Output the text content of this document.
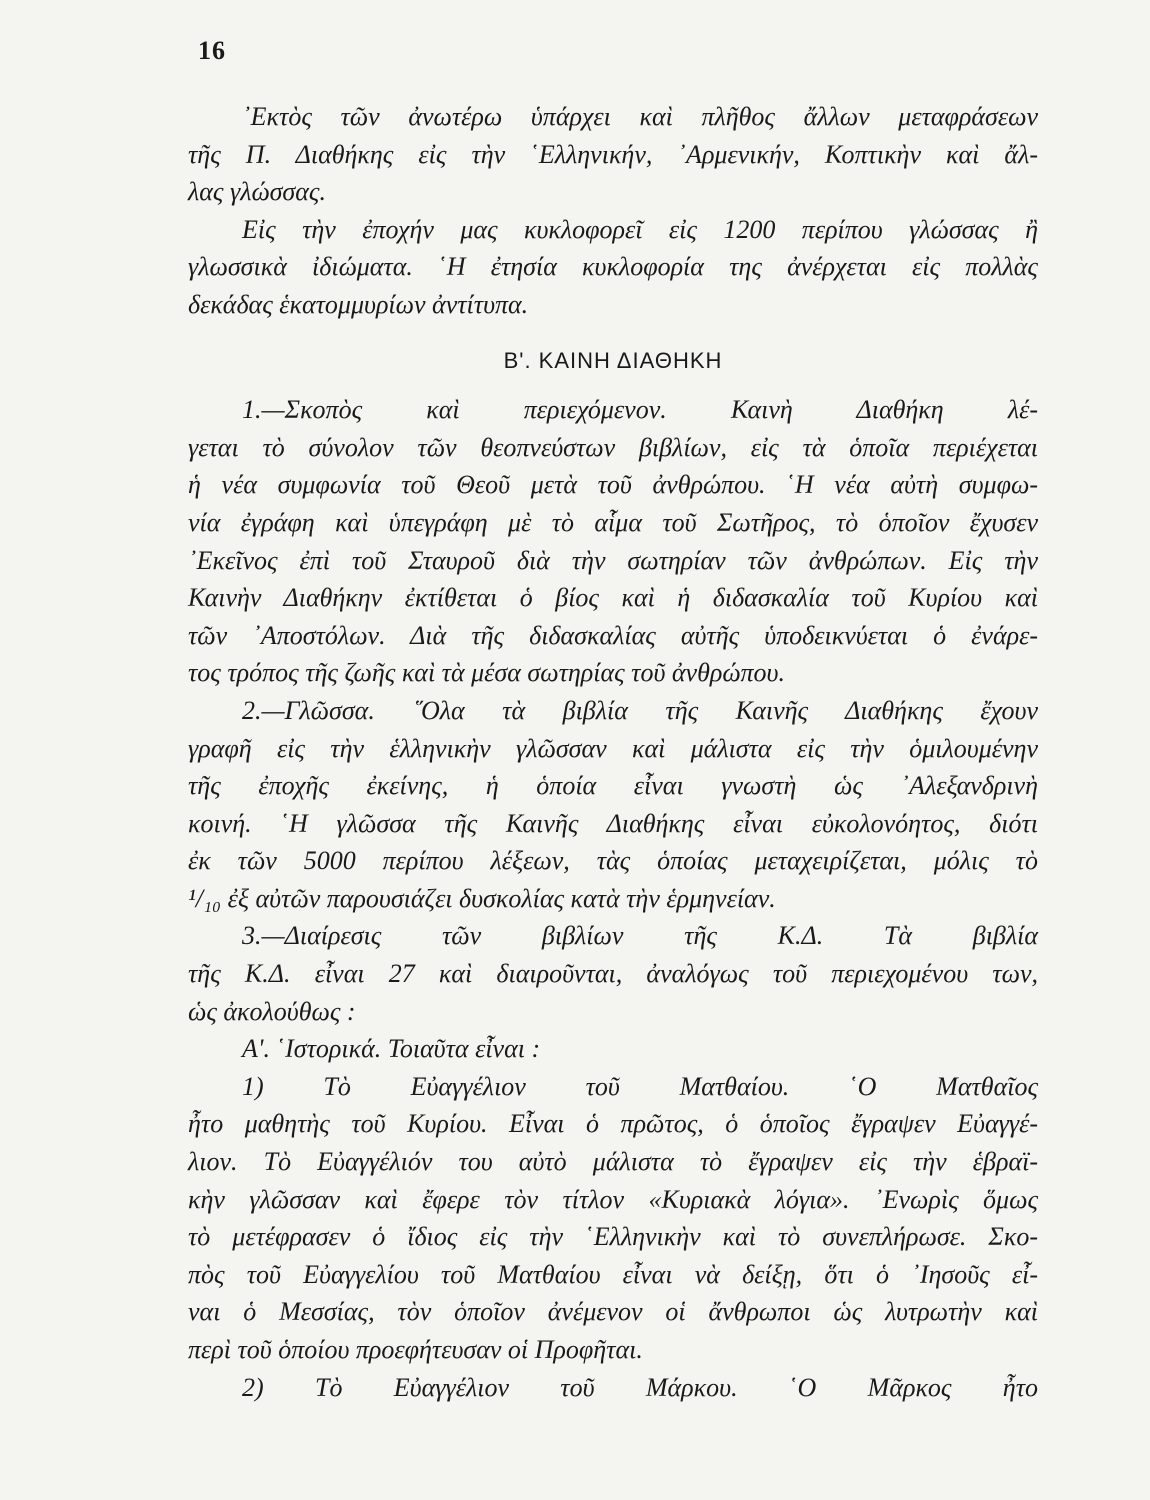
16
᾿Εκτὸς τῶν ἀνωτέρω ὑπάρχει καὶ πλῆθος ἄλλων μεταφράσεων
τῆς Π. Διαθήκης εἰς τὴν ῾Ελληνικήν, ᾿Αρμενικήν, Κοπτικὴν καὶ ἄλ-
λας γλώσσας.
Εἰς τὴν ἐποχήν μας κυκλοφορεῖ εἰς 1200 περίπου γλώσσας ἢ
γλωσσικὰ ἰδιώματα. ῾Η ἐτησία κυκλοφορία της ἀνέρχεται εἰς πολλὰς
δεκάδας ἑκατομμυρίων ἀντίτυπα.
Β'. ΚΑΙΝΗ ΔΙΑΘΗΚΗ
1.—Σκοπὸς καὶ περιεχόμενον. Καινὴ Διαθήκη λέ-
γεται τὸ σύνολον τῶν θεοπνεύστων βιβλίων, εἰς τὰ ὁποῖα περιέχεται
ἡ νέα συμφωνία τοῦ Θεοῦ μετὰ τοῦ ἀνθρώπου. ῾Η νέα αὐτὴ συμφω-
νία ἐγράφη καὶ ὑπεγράφη μὲ τὸ αἷμα τοῦ Σωτῆρος, τὸ ὁποῖον ἔχυσεν
᾿Εκεῖνος ἐπὶ τοῦ Σταυροῦ διὰ τὴν σωτηρίαν τῶν ἀνθρώπων. Εἰς τὴν
Καινὴν Διαθήκην ἐκτίθεται ὁ βίος καὶ ἡ διδασκαλία τοῦ Κυρίου καὶ
τῶν ᾿Αποστόλων. Διὰ τῆς διδασκαλίας αὐτῆς ὑποδεικνύεται ὁ ἐνάρε-
τος τρόπος τῆς ζωῆς καὶ τὰ μέσα σωτηρίας τοῦ ἀνθρώπου.
2.—Γλῶσσα. ῞Ολα τὰ βιβλία τῆς Καινῆς Διαθήκης ἔχουν
γραφῆ εἰς τὴν ἑλληνικὴν γλῶσσαν καὶ μάλιστα εἰς τὴν ὁμιλουμένην
τῆς ἐποχῆς ἐκείνης, ἡ ὁποία εἶναι γνωστὴ ὡς ᾿Αλεξανδρινὴ
κοινή. ῾Η γλῶσσα τῆς Καινῆς Διαθήκης εἶναι εὐκολονόητος, διότι
ἐκ τῶν 5000 περίπου λέξεων, τὰς ὁποίας μεταχειρίζεται, μόλις τὸ
¹/₁₀ ἐξ αὐτῶν παρουσιάζει δυσκολίας κατὰ τὴν ἑρμηνείαν.
3.—Διαίρεσις τῶν βιβλίων τῆς Κ.Δ. Τὰ βιβλία
τῆς Κ.Δ. εἶναι 27 καὶ διαιροῦνται, ἀναλόγως τοῦ περιεχομένου των,
ὡς ἀκολούθως :
Α'. ῾Ιστορικά. Τοιαῦτα εἶναι :
1) Τὸ Εὐαγγέλιον τοῦ Ματθαίου. ῾Ο Ματθαῖος
ἦτο μαθητὴς τοῦ Κυρίου. Εἶναι ὁ πρῶτος, ὁ ὁποῖος ἔγραψεν Εὐαγγέ-
λιον. Τὸ Εὐαγγέλιόν του αὐτὸ μάλιστα τὸ ἔγραψεν εἰς τὴν ἑβραϊ-
κὴν γλῶσσαν καὶ ἔφερε τὸν τίτλον «Κυριακὰ λόγια». ᾿Ενωρὶς ὅμως
τὸ μετέφρασεν ὁ ἴδιος εἰς τὴν ῾Ελληνικὴν καὶ τὸ συνεπλήρωσε. Σκο-
πὸς τοῦ Εὐαγγελίου τοῦ Ματθαίου εἶναι νὰ δείξῃ, ὅτι ὁ ᾿Ιησοῦς εἶ-
ναι ὁ Μεσσίας, τὸν ὁποῖον ἀνέμενον οἱ ἄνθρωποι ὡς λυτρωτὴν καὶ
περὶ τοῦ ὁποίου προεφήτευσαν οἱ Προφῆται.
2) Τὸ Εὐαγγέλιον τοῦ Μάρκου. ῾Ο Μᾶρκος ἦτο
